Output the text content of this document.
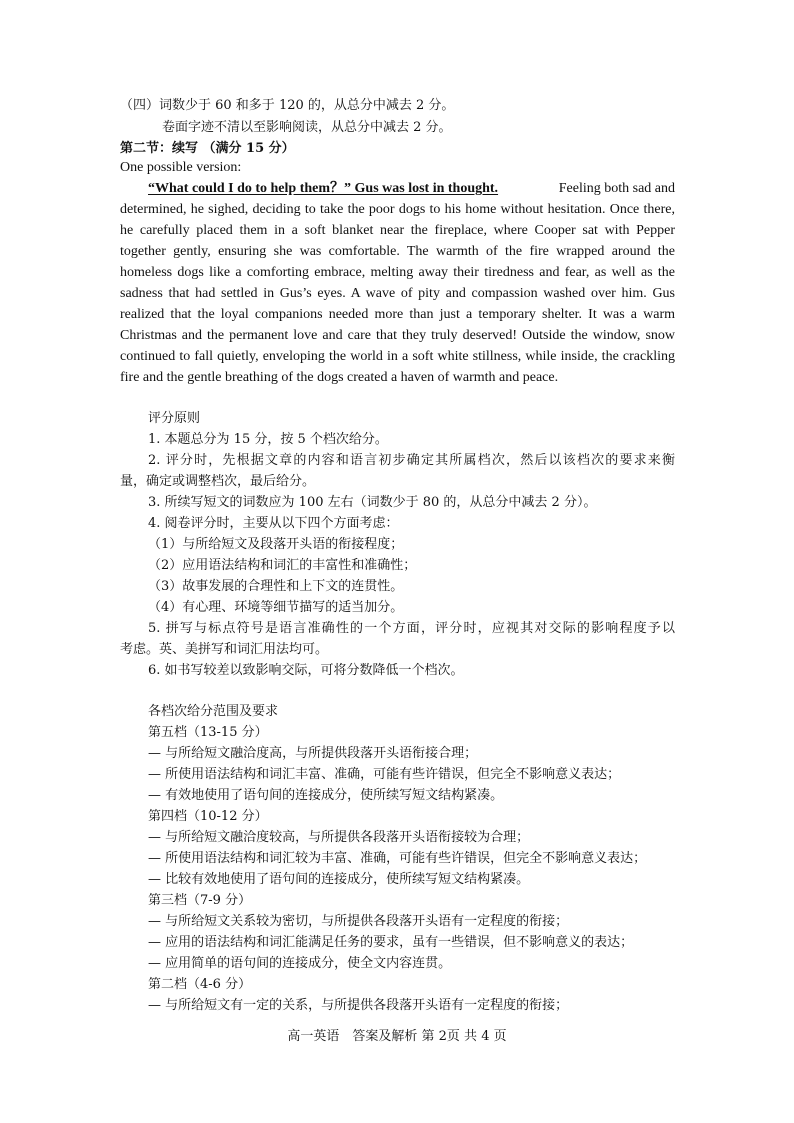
（四）词数少于 60 和多于 120 的，从总分中减去 2 分。
卷面字迹不清以至影响阅读，从总分中减去 2 分。
第二节：续写 （满分 15 分）
One possible version:
“What could I do to help them？” Gus was lost in thought.	Feeling both sad and
determined, he sighed, deciding to take the poor dogs to his home without hesitation. Once there,
he carefully placed them in a soft blanket near the fireplace, where Cooper sat with Pepper
together gently, ensuring she was comfortable. The warmth of the fire wrapped around the
homeless dogs like a comforting embrace, melting away their tiredness and fear, as well as the
sadness that had settled in Gus’s eyes. A wave of pity and compassion washed over him. Gus
realized that the loyal companions needed more than just a temporary shelter. It was a warm
Christmas and the permanent love and care that they truly deserved! Outside the window, snow
continued to fall quietly, enveloping the world in a soft white stillness, while inside, the crackling
fire and the gentle breathing of the dogs created a haven of warmth and peace.
评分原则
1. 本题总分为 15 分，按 5 个档次给分。
2. 评分时，先根据文章的内容和语言初步确定其所属档次，然后以该档次的要求来衡
量，确定或调整档次，最后给分。
3. 所续写短文的词数应为 100 左右（词数少于 80 的，从总分中减去 2 分）。
4. 阅卷评分时，主要从以下四个方面考虑：
（1）与所给短文及段落开头语的衔接程度；
（2）应用语法结构和词汇的丰富性和准确性；
（3）故事发展的合理性和上下文的连贯性。
（4）有心理、环境等细节描写的适当加分。
5. 拼写与标点符号是语言准确性的一个方面，评分时，应视其对交际的影响程度予以
考虑。英、美拼写和词汇用法均可。
6. 如书写较差以致影响交际，可将分数降低一个档次。
各档次给分范围及要求
第五档（13-15 分）
— 与所给短文融洽度高，与所提供段落开头语衔接合理；
— 所使用语法结构和词汇丰富、准确，可能有些许错误，但完全不影响意义表达；
— 有效地使用了语句间的连接成分，使所续写短文结构紧凑。
第四档（10-12 分）
— 与所给短文融洽度较高，与所提供各段落开头语衔接较为合理；
— 所使用语法结构和词汇较为丰富、准确，可能有些许错误，但完全不影响意义表达；
— 比较有效地使用了语句间的连接成分，使所续写短文结构紧凑。
第三档（7-9 分）
— 与所给短文关系较为密切，与所提供各段落开头语有一定程度的衔接；
— 应用的语法结构和词汇能满足任务的要求，虽有一些错误，但不影响意义的表达；
— 应用简单的语句间的连接成分，使全文内容连贯。
第二档（4-6 分）
— 与所给短文有一定的关系，与所提供各段落开头语有一定程度的衔接；
高一英语　答案及解析 第 2页 共 4 页
